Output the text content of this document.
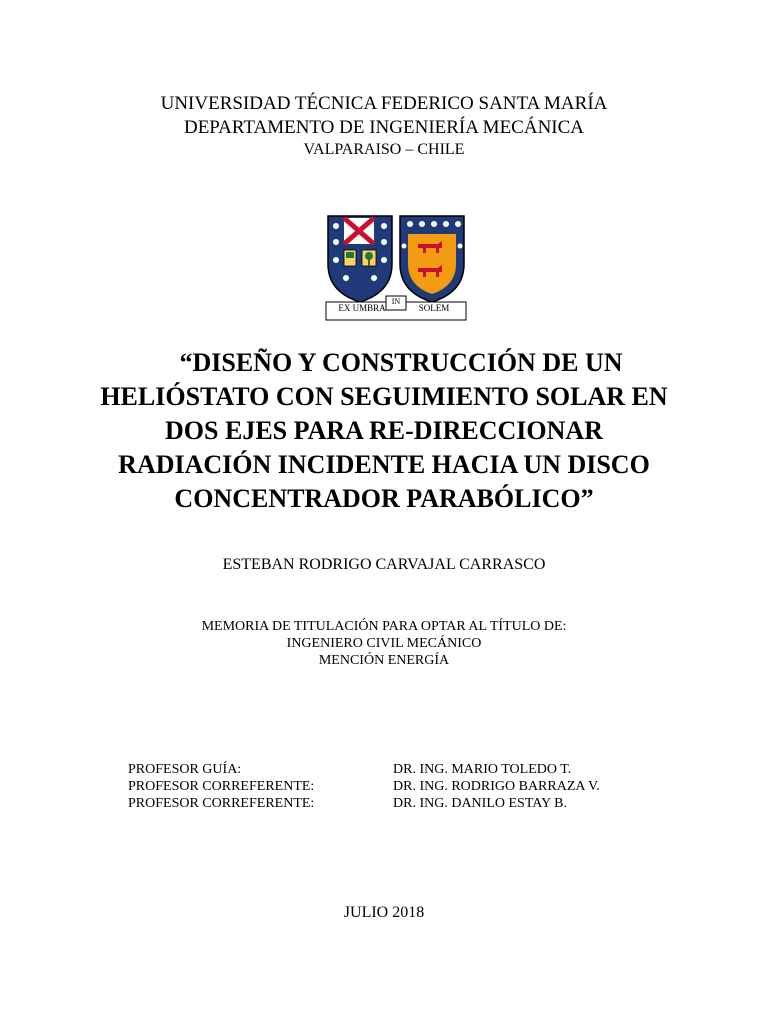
UNIVERSIDAD TÉCNICA FEDERICO SANTA MARÍA
DEPARTAMENTO DE INGENIERÍA MECÁNICA
VALPARAISO – CHILE
EX UMBRA
IN
SOLEM
“DISEÑO Y CONSTRUCCIÓN DE UN
HELIÓSTATO CON SEGUIMIENTO SOLAR EN
DOS EJES PARA RE-DIRECCIONAR
RADIACIÓN INCIDENTE HACIA UN DISCO
CONCENTRADOR PARABÓLICO”
ESTEBAN RODRIGO CARVAJAL CARRASCO
MEMORIA DE TITULACIÓN PARA OPTAR AL TÍTULO DE:
INGENIERO CIVIL MECÁNICO
MENCIÓN ENERGÍA
PROFESOR GUÍA:	DR. ING. MARIO TOLEDO T.
PROFESOR CORREFERENTE:	DR. ING. RODRIGO BARRAZA V.
PROFESOR CORREFERENTE:	DR. ING. DANILO ESTAY B.
JULIO 2018
